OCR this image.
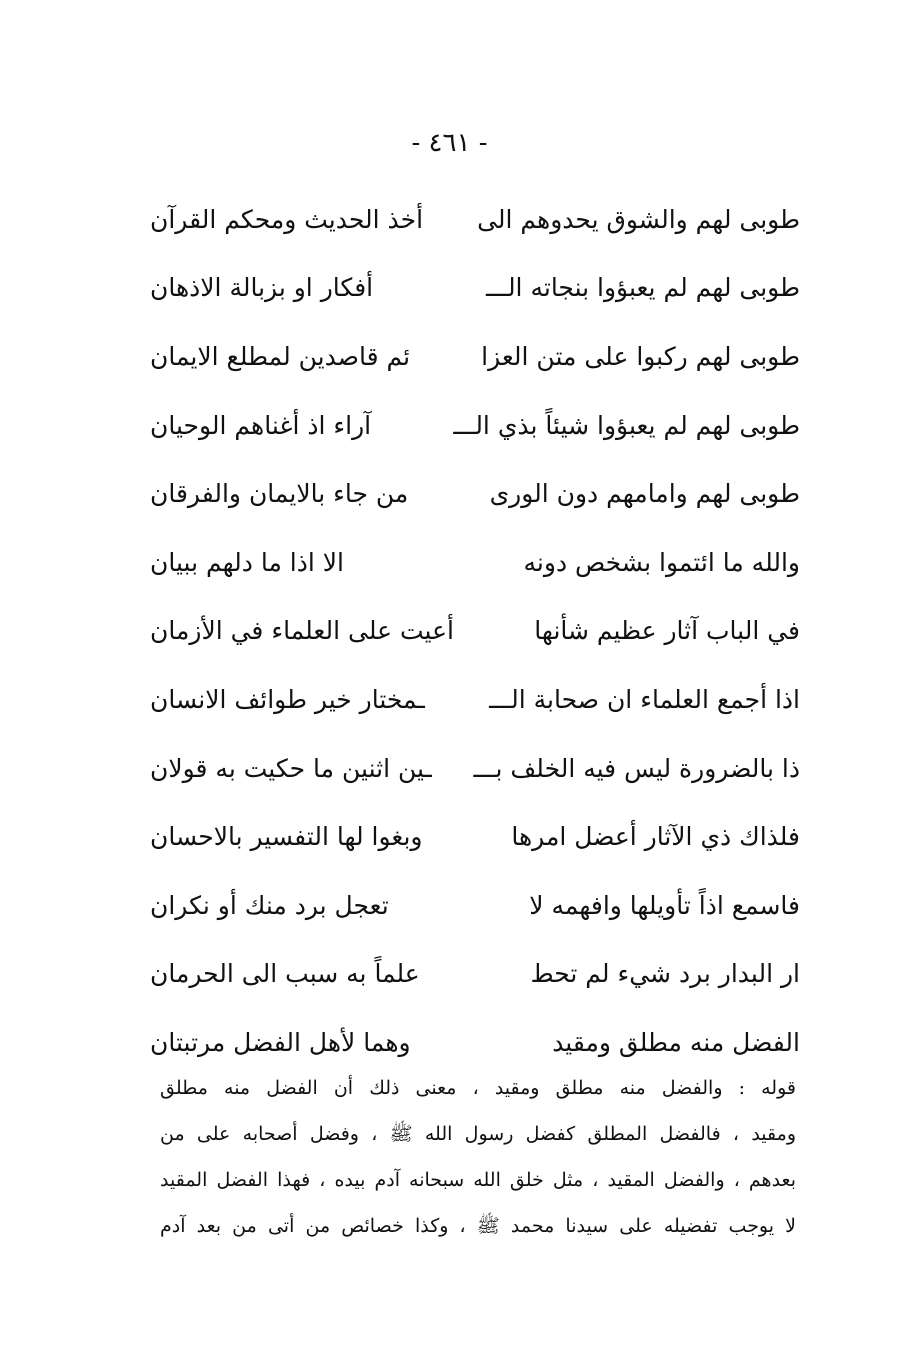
- ٤٦١ -
طوبى لهم والشوق يحدوهم الى
أخذ الحديث ومحكم القرآن
طوبى لهم لم يعبؤوا بنجاته الـــ
أفكار او بزبالة الاذهان
طوبى لهم ركبوا على متن العزا
ئم قاصدين لمطلع الايمان
طوبى لهم لم يعبؤوا شيئاً بذي الـــ
آراء اذ أغناهم الوحيان
طوبى لهم وامامهم دون الورى
من جاء بالايمان والفرقان
والله ما ائتموا بشخص دونه
الا اذا ما دلهم ببيان
في الباب آثار عظيم شأنها
أعيت على العلماء في الأزمان
اذا أجمع العلماء ان صحابة الـــ
ـمختار خير طوائف الانسان
ذا بالضرورة ليس فيه الخلف بـــ
ـين اثنين ما حكيت به قولان
فلذاك ذي الآثار أعضل امرها
وبغوا لها التفسير بالاحسان
فاسمع اذاً تأويلها وافهمه لا
تعجل برد منك أو نكران
ار البدار برد شيء لم تحط
علماً به سبب الى الحرمان
الفضل منه مطلق ومقيد
وهما لأهل الفضل مرتبتان
قوله : والفضل منه مطلق ومقيد ، معنى ذلك أن الفضل منه مطلق
ومقيد ، فالفضل المطلق كفضل رسول الله ﷺ ، وفضل أصحابه على من
بعدهم ، والفضل المقيد ، مثل خلق الله سبحانه آدم بيده ، فهذا الفضل المقيد
لا يوجب تفضيله على سيدنا محمد ﷺ ، وكذا خصائص من أتى من بعد آدم
